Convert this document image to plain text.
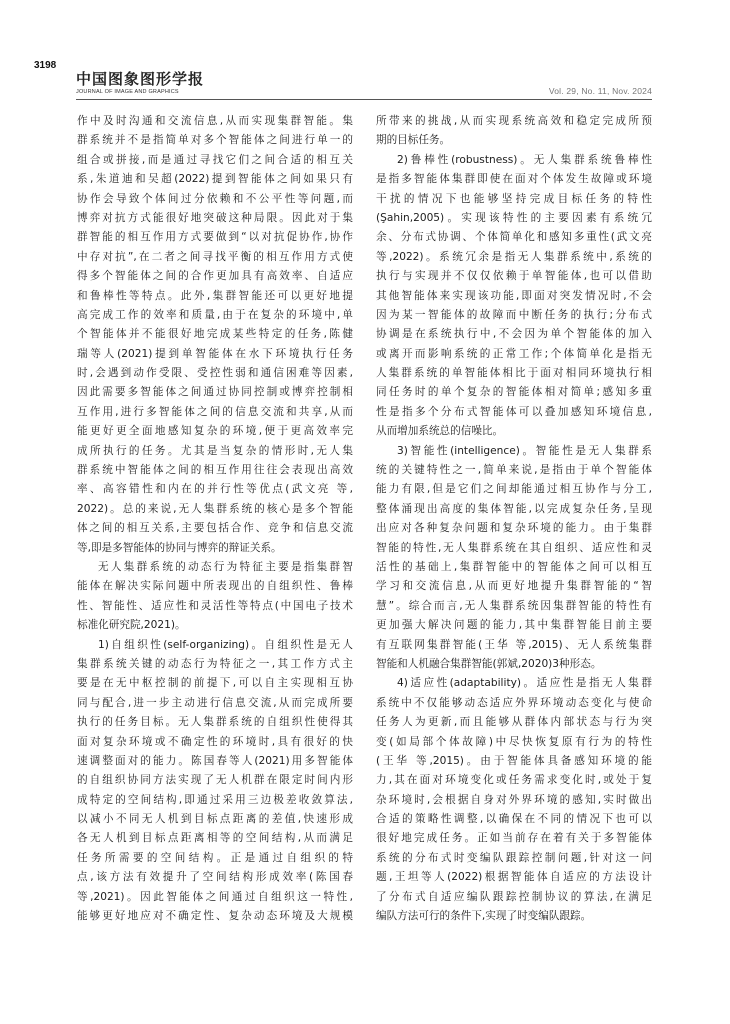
3198
中国图象图形学报
JOURNAL OF IMAGE AND GRAPHICS	Vol. 29, No. 11, Nov. 2024
作中及时沟通和交流信息,从而实现集群智能。集
群系统并不是指简单对多个智能体之间进行单一的
组合或拼接,而是通过寻找它们之间合适的相互关
系,朱道迪和吴超(2022)提到智能体之间如果只有
协作会导致个体间过分依赖和不公平性等问题,而
博弈对抗方式能很好地突破这种局限。因此对于集
群智能的相互作用方式要做到“以对抗促协作,协作
中存对抗”,在二者之间寻找平衡的相互作用方式使
得多个智能体之间的合作更加具有高效率、自适应
和鲁棒性等特点。此外,集群智能还可以更好地提
高完成工作的效率和质量,由于在复杂的环境中,单
个智能体并不能很好地完成某些特定的任务,陈健
瑞等人(2021)提到单智能体在水下环境执行任务
时,会遇到动作受限、受控性弱和通信困难等因素,
因此需要多智能体之间通过协同控制或博弈控制相
互作用,进行多智能体之间的信息交流和共享,从而
能更好更全面地感知复杂的环境,便于更高效率完
成所执行的任务。尤其是当复杂的情形时,无人集
群系统中智能体之间的相互作用往往会表现出高效
率、高容错性和内在的并行性等优点(武文亮 等,
2022)。总的来说,无人集群系统的核心是多个智能
体之间的相互关系,主要包括合作、竞争和信息交流
等,即是多智能体的协同与博弈的辩证关系。
无人集群系统的动态行为特征主要是指集群智
能体在解决实际问题中所表现出的自组织性、鲁棒
性、智能性、适应性和灵活性等特点(中国电子技术
标准化研究院,2021)。
1)自组织性(self-organizing)。自组织性是无人
集群系统关键的动态行为特征之一,其工作方式主
要是在无中枢控制的前提下,可以自主实现相互协
同与配合,进一步主动进行信息交流,从而完成所要
执行的任务目标。无人集群系统的自组织性使得其
面对复杂环境或不确定性的环境时,具有很好的快
速调整面对的能力。陈国春等人(2021)用多智能体
的自组织协同方法实现了无人机群在限定时间内形
成特定的空间结构,即通过采用三边极差收敛算法,
以减小不同无人机到目标点距离的差值,快速形成
各无人机到目标点距离相等的空间结构,从而满足
任务所需要的空间结构。正是通过自组织的特
点,该方法有效提升了空间结构形成效率(陈国春
等,2021)。因此智能体之间通过自组织这一特性,
能够更好地应对不确定性、复杂动态环境及大规模
所带来的挑战,从而实现系统高效和稳定完成所预
期的目标任务。
2)鲁棒性(robustness)。无人集群系统鲁棒性
是指多智能体集群即使在面对个体发生故障或环境
干扰的情况下也能够坚持完成目标任务的特性
(Şahin,2005)。实现该特性的主要因素有系统冗
余、分布式协调、个体简单化和感知多重性(武文亮
等,2022)。系统冗余是指无人集群系统中,系统的
执行与实现并不仅仅依赖于单智能体,也可以借助
其他智能体来实现该功能,即面对突发情况时,不会
因为某一智能体的故障而中断任务的执行;分布式
协调是在系统执行中,不会因为单个智能体的加入
或离开而影响系统的正常工作;个体简单化是指无
人集群系统的单智能体相比于面对相同环境执行相
同任务时的单个复杂的智能体相对简单;感知多重
性是指多个分布式智能体可以叠加感知环境信息,
从而增加系统总的信噪比。
3)智能性(intelligence)。智能性是无人集群系
统的关键特性之一,简单来说,是指由于单个智能体
能力有限,但是它们之间却能通过相互协作与分工,
整体涌现出高度的集体智能,以完成复杂任务,呈现
出应对各种复杂问题和复杂环境的能力。由于集群
智能的特性,无人集群系统在其自组织、适应性和灵
活性的基础上,集群智能中的智能体之间可以相互
学习和交流信息,从而更好地提升集群智能的“智
慧”。综合而言,无人集群系统因集群智能的特性有
更加强大解决问题的能力,其中集群智能目前主要
有互联网集群智能(王华 等,2015)、无人系统集群
智能和人机融合集群智能(郭斌,2020)3种形态。
4)适应性(adaptability)。适应性是指无人集群
系统中不仅能够动态适应外界环境动态变化与使命
任务人为更新,而且能够从群体内部状态与行为突
变(如局部个体故障)中尽快恢复原有行为的特性
(王华 等,2015)。由于智能体具备感知环境的能
力,其在面对环境变化或任务需求变化时,或处于复
杂环境时,会根据自身对外界环境的感知,实时做出
合适的策略性调整,以确保在不同的情况下也可以
很好地完成任务。正如当前存在着有关于多智能体
系统的分布式时变编队跟踪控制问题,针对这一问
题,王坦等人(2022)根据智能体自适应的方法设计
了分布式自适应编队跟踪控制协议的算法,在满足
编队方法可行的条件下,实现了时变编队跟踪。
